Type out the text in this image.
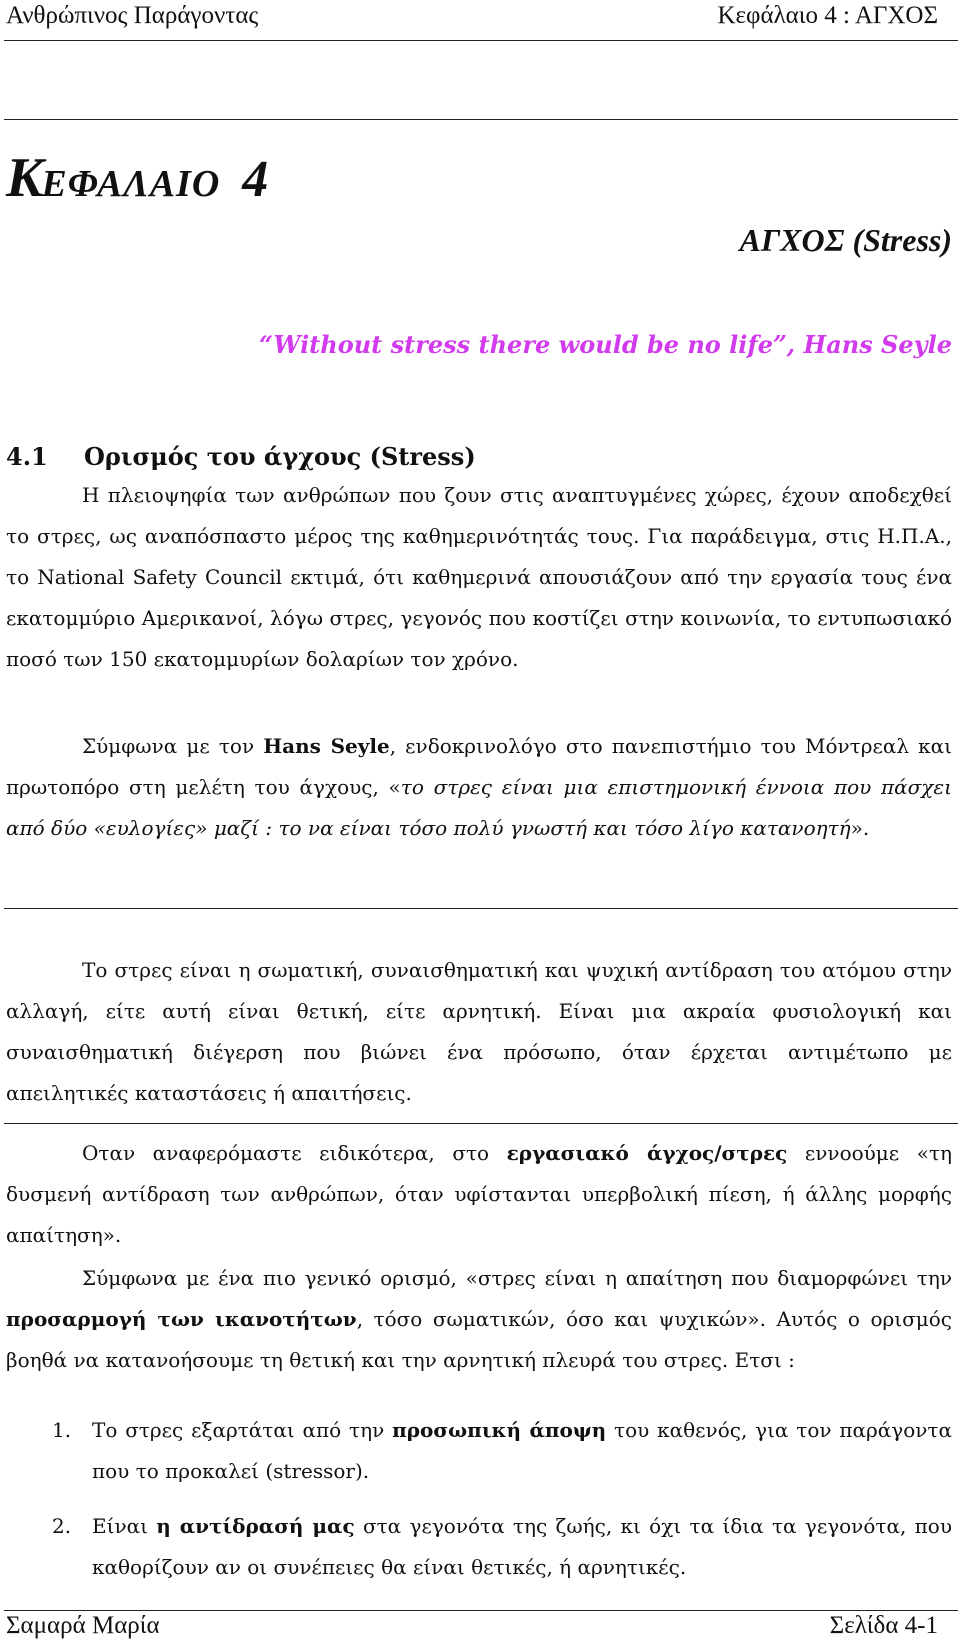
Ανθρώπινος Παράγοντας	Κεφάλαιο 4 : ΑΓΧΟΣ
ΚΕΦΑΛΑΙΟ 4
ΑΓΧΟΣ (Stress)
“Without stress there would be no life”, Hans Seyle
4.1 Ορισμός του άγχους (Stress)

Η πλειοψηφία των ανθρώπων που ζουν στις αναπτυγμένες χώρες, έχουν αποδεχθεί το στρες, ως αναπόσπαστο μέρος της καθημερινότητάς τους. Για παράδειγμα, στις Η.Π.Α., το National Safety Council εκτιμά, ότι καθημερινά απουσιάζουν από την εργασία τους ένα εκατομμύριο Αμερικανοί, λόγω στρες, γεγονός που κοστίζει στην κοινωνία, το εντυπωσιακό ποσό των 150 εκατομμυρίων δολαρίων τον χρόνο.

Σύμφωνα με τον Hans Seyle, ενδοκρινολόγο στο πανεπιστήμιο του Μόντρεαλ και πρωτοπόρο στη μελέτη του άγχους, «το στρες είναι μια επιστημονική έννοια που πάσχει από δύο «ευλογίες» μαζί : το να είναι τόσο πολύ γνωστή και τόσο λίγο κατανοητή».

Το στρες είναι η σωματική, συναισθηματική και ψυχική αντίδραση του ατόμου στην αλλαγή, είτε αυτή είναι θετική, είτε αρνητική. Είναι μια ακραία φυσιολογική και συναισθηματική διέγερση που βιώνει ένα πρόσωπο, όταν έρχεται αντιμέτωπο με απειλητικές καταστάσεις ή απαιτήσεις.

Οταν αναφερόμαστε ειδικότερα, στο εργασιακό άγχος/στρες εννοούμε «τη δυσμενή αντίδραση των ανθρώπων, όταν υφίστανται υπερβολική πίεση, ή άλλης μορφής απαίτηση».

Σύμφωνα με ένα πιο γενικό ορισμό, «στρες είναι η απαίτηση που διαμορφώνει την προσαρμογή των ικανοτήτων, τόσο σωματικών, όσο και ψυχικών». Αυτός ο ορισμός βοηθά να κατανοήσουμε τη θετική και την αρνητική πλευρά του στρες. Ετσι :

1. Το στρες εξαρτάται από την προσωπική άποψη του καθενός, για τον παράγοντα που το προκαλεί (stressor).
2. Είναι η αντίδρασή μας στα γεγονότα της ζωής, κι όχι τα ίδια τα γεγονότα, που καθορίζουν αν οι συνέπειες θα είναι θετικές, ή αρνητικές.
Σαμαρά Μαρία	Σελίδα 4-1
